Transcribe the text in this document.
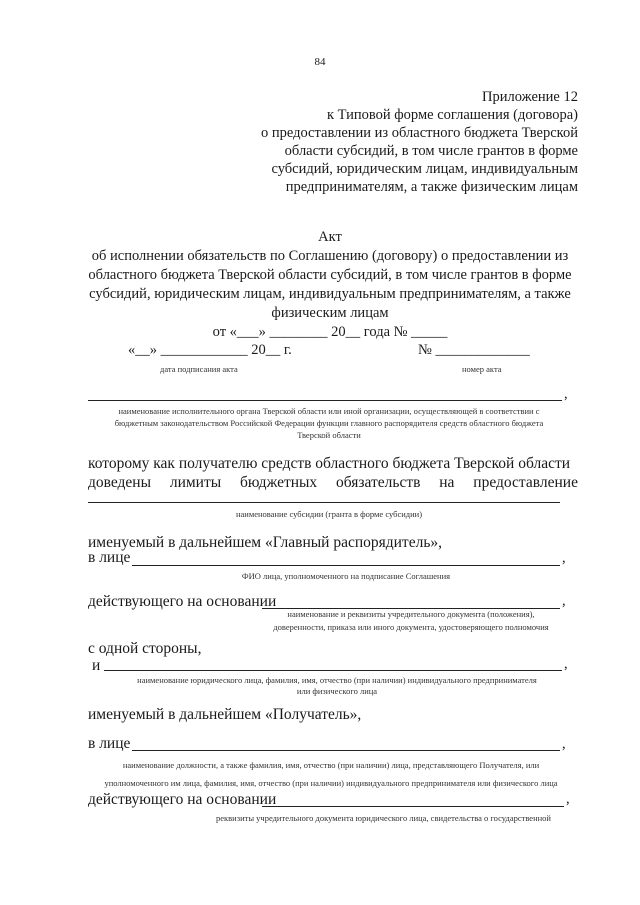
84
Приложение 12
к Типовой форме соглашения (договора)
о предоставлении из областного бюджета Тверской
области субсидий, в том числе грантов в форме
субсидий, юридическим лицам, индивидуальным
предпринимателям, а также физическим лицам
Акт
об исполнении обязательств по Соглашению (договору) о предоставлении из
областного бюджета Тверской области субсидий, в том числе грантов в форме
субсидий, юридическим лицам, индивидуальным предпринимателям, а также
физическим лицам
от «___» ________ 20__ года № _____
«__» ____________ 20__ г.	№ _____________
дата подписания акта	номер акта
,
наименование исполнительного органа Тверской области или иной организации, осуществляющей в соответствии с
бюджетным законодательством Российской Федерации функции главного распорядителя средств областного бюджета
Тверской области
которому как получателю средств областного бюджета Тверской области
доведены лимиты бюджетных обязательств на предоставление
наименование субсидии (гранта в форме субсидии)
именуемый в дальнейшем «Главный распорядитель»,
в лице	,
ФИО лица, уполномоченного на подписание Соглашения
действующего на основании	,
наименование и реквизиты учредительного документа (положения),
доверенности, приказа или иного документа, удостоверяющего полномочия
с одной стороны,
и	,
наименование юридического лица, фамилия, имя, отчество (при наличии) индивидуального предпринимателя
или физического лица
именуемый в дальнейшем «Получатель»,
в лице	,
наименование должности, а также фамилия, имя, отчество (при наличии) лица, представляющего Получателя, или
уполномоченного им лица, фамилия, имя, отчество (при наличии) индивидуального предпринимателя или физического лица
действующего на основании	,
реквизиты учредительного документа юридического лица, свидетельства о государственной
